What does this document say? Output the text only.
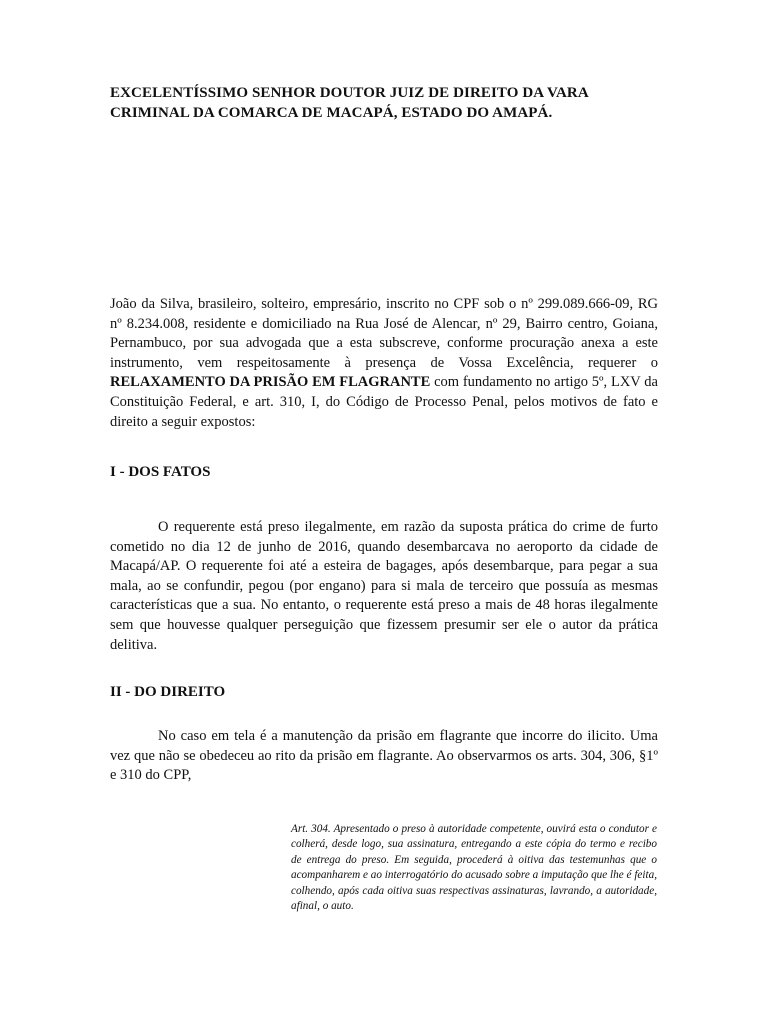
EXCELENTÍSSIMO SENHOR DOUTOR JUIZ DE DIREITO DA VARA CRIMINAL DA COMARCA DE MACAPÁ, ESTADO DO AMAPÁ.

João da Silva, brasileiro, solteiro, empresário, inscrito no CPF sob o nº 299.089.666-09, RG nº 8.234.008, residente e domiciliado na Rua José de Alencar, nº 29, Bairro centro, Goiana, Pernambuco, por sua advogada que a esta subscreve, conforme procuração anexa a este instrumento, vem respeitosamente à presença de Vossa Excelência, requerer o RELAXAMENTO DA PRISÃO EM FLAGRANTE com fundamento no artigo 5º, LXV da Constituição Federal, e art. 310, I, do Código de Processo Penal, pelos motivos de fato e direito a seguir expostos:

I - DOS FATOS

O requerente está preso ilegalmente, em razão da suposta prática do crime de furto cometido no dia 12 de junho de 2016, quando desembarcava no aeroporto da cidade de Macapá/AP. O requerente foi até a esteira de bagages, após desembarque, para pegar a sua mala, ao se confundir, pegou (por engano) para si mala de terceiro que possuía as mesmas características que a sua. No entanto, o requerente está preso a mais de 48 horas ilegalmente sem que houvesse qualquer perseguição que fizessem presumir ser ele o autor da prática delitiva.

II - DO DIREITO

No caso em tela é a manutenção da prisão em flagrante que incorre do ilicito. Uma vez que não se obedeceu ao rito da prisão em flagrante. Ao observarmos os arts. 304, 306, §1º e 310 do CPP,

Art. 304. Apresentado o preso à autoridade competente, ouvirá esta o condutor e colherá, desde logo, sua assinatura, entregando a este cópia do termo e recibo de entrega do preso. Em seguida, procederá à oitiva das testemunhas que o acompanharem e ao interrogatório do acusado sobre a imputação que lhe é feita, colhendo, após cada oitiva suas respectivas assinaturas, lavrando, a autoridade, afinal, o auto.
